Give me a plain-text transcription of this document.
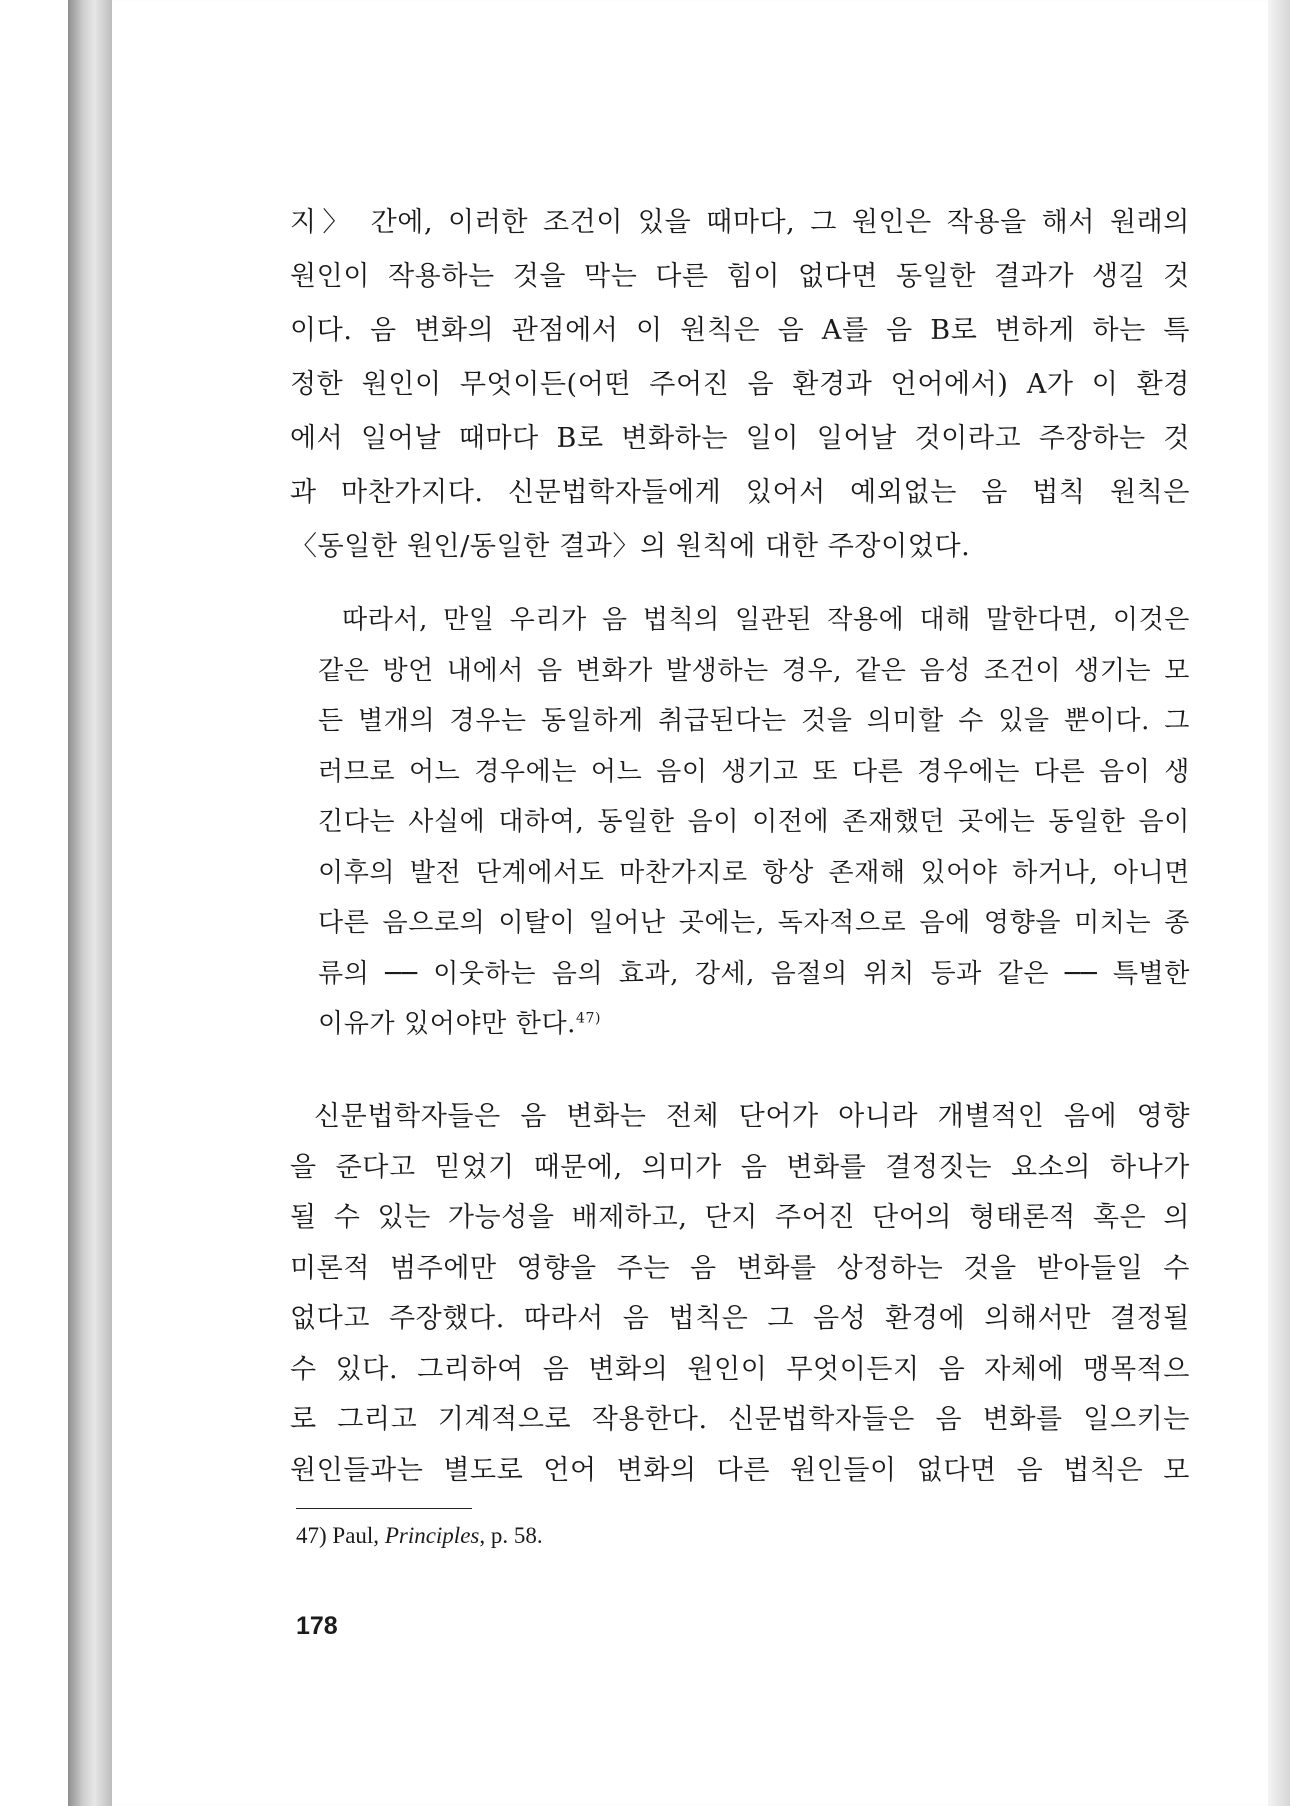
지〉 간에, 이러한 조건이 있을 때마다, 그 원인은 작용을 해서 원래의
원인이 작용하는 것을 막는 다른 힘이 없다면 동일한 결과가 생길 것
이다. 음 변화의 관점에서 이 원칙은 음 A를 음 B로 변하게 하는 특
정한 원인이 무엇이든(어떤 주어진 음 환경과 언어에서) A가 이 환경
에서 일어날 때마다 B로 변화하는 일이 일어날 것이라고 주장하는 것
과 마찬가지다. 신문법학자들에게 있어서 예외없는 음 법칙 원칙은
〈동일한 원인/동일한 결과〉의 원칙에 대한 주장이었다.

따라서, 만일 우리가 음 법칙의 일관된 작용에 대해 말한다면, 이것은
같은 방언 내에서 음 변화가 발생하는 경우, 같은 음성 조건이 생기는 모
든 별개의 경우는 동일하게 취급된다는 것을 의미할 수 있을 뿐이다. 그
러므로 어느 경우에는 어느 음이 생기고 또 다른 경우에는 다른 음이 생
긴다는 사실에 대하여, 동일한 음이 이전에 존재했던 곳에는 동일한 음이
이후의 발전 단계에서도 마찬가지로 항상 존재해 있어야 하거나, 아니면
다른 음으로의 이탈이 일어난 곳에는, 독자적으로 음에 영향을 미치는 종
류의 ── 이웃하는 음의 효과, 강세, 음절의 위치 등과 같은 ── 특별한
이유가 있어야만 한다.$^{47)}$

신문법학자들은 음 변화는 전체 단어가 아니라 개별적인 음에 영향
을 준다고 믿었기 때문에, 의미가 음 변화를 결정짓는 요소의 하나가
될 수 있는 가능성을 배제하고, 단지 주어진 단어의 형태론적 혹은 의
미론적 범주에만 영향을 주는 음 변화를 상정하는 것을 받아들일 수
없다고 주장했다. 따라서 음 법칙은 그 음성 환경에 의해서만 결정될
수 있다. 그리하여 음 변화의 원인이 무엇이든지 음 자체에 맹목적으
로 그리고 기계적으로 작용한다. 신문법학자들은 음 변화를 일으키는
원인들과는 별도로 언어 변화의 다른 원인들이 없다면 음 법칙은 모

47) Paul, Principles, p. 58.
178
